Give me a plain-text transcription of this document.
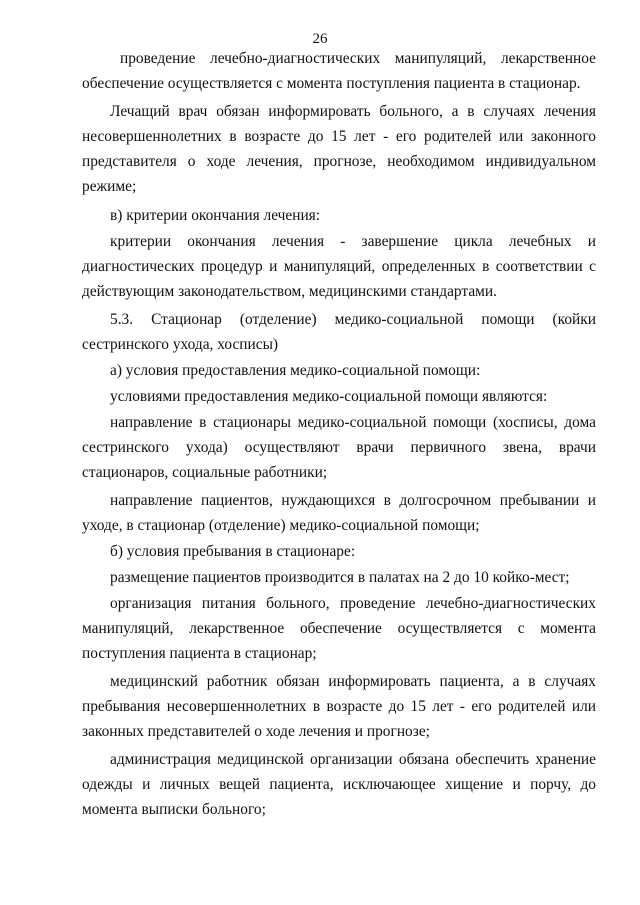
26

проведение лечебно-диагностических манипуляций, лекарственное обеспечение осуществляется с момента поступления пациента в стационар.

Лечащий врач обязан информировать больного, а в случаях лечения несовершеннолетних в возрасте до 15 лет - его родителей или законного представителя о ходе лечения, прогнозе, необходимом индивидуальном режиме;

в) критерии окончания лечения:

критерии окончания лечения - завершение цикла лечебных и диагностических процедур и манипуляций, определенных в соответствии с действующим законодательством, медицинскими стандартами.

5.3. Стационар (отделение) медико-социальной помощи (койки сестринского ухода, хосписы)

а) условия предоставления медико-социальной помощи:

условиями предоставления медико-социальной помощи являются:

направление в стационары медико-социальной помощи (хосписы, дома сестринского ухода) осуществляют врачи первичного звена, врачи стационаров, социальные работники;

направление пациентов, нуждающихся в долгосрочном пребывании и уходе, в стационар (отделение) медико-социальной помощи;

б) условия пребывания в стационаре:

размещение пациентов производится в палатах на 2 до 10 койко-мест;

организация питания больного, проведение лечебно-диагностических манипуляций, лекарственное обеспечение осуществляется с момента поступления пациента в стационар;

медицинский работник обязан информировать пациента, а в случаях пребывания несовершеннолетних в возрасте до 15 лет - его родителей или законных представителей о ходе лечения и прогнозе;

администрация медицинской организации обязана обеспечить хранение одежды и личных вещей пациента, исключающее хищение и порчу, до момента выписки больного;
